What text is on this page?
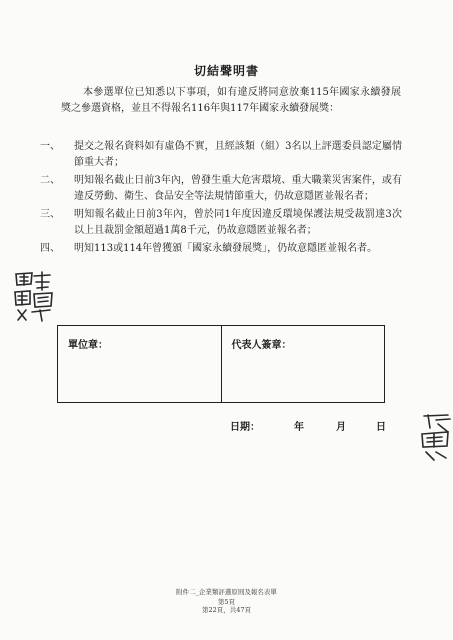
切結聲明書

本參選單位已知悉以下事項，如有違反將同意放棄115年國家永續發展獎之參選資格，並且不得報名116年與117年國家永續發展獎：

一、	提交之報名資料如有虛偽不實，且經該類（組）3名以上評選委員認定屬情節重大者；
二、	明知報名截止日前3年內，曾發生重大危害環境、重大職業災害案件，或有違反勞動、衛生、食品安全等法規情節重大，仍故意隱匿並報名者；
三、	明知報名截止日前3年內，曾於同1年度因違反環境保護法規受裁罰達3次以上且裁罰金額超過1萬8千元，仍故意隱匿並報名者；
四、	明知113或114年曾獲頒「國家永續發展獎」，仍故意隱匿並報名者。
單位章：	代表人簽章：
日期：	年	月	日
附件二_企業類評選原則及報名表單
第5頁
第22頁，共47頁
